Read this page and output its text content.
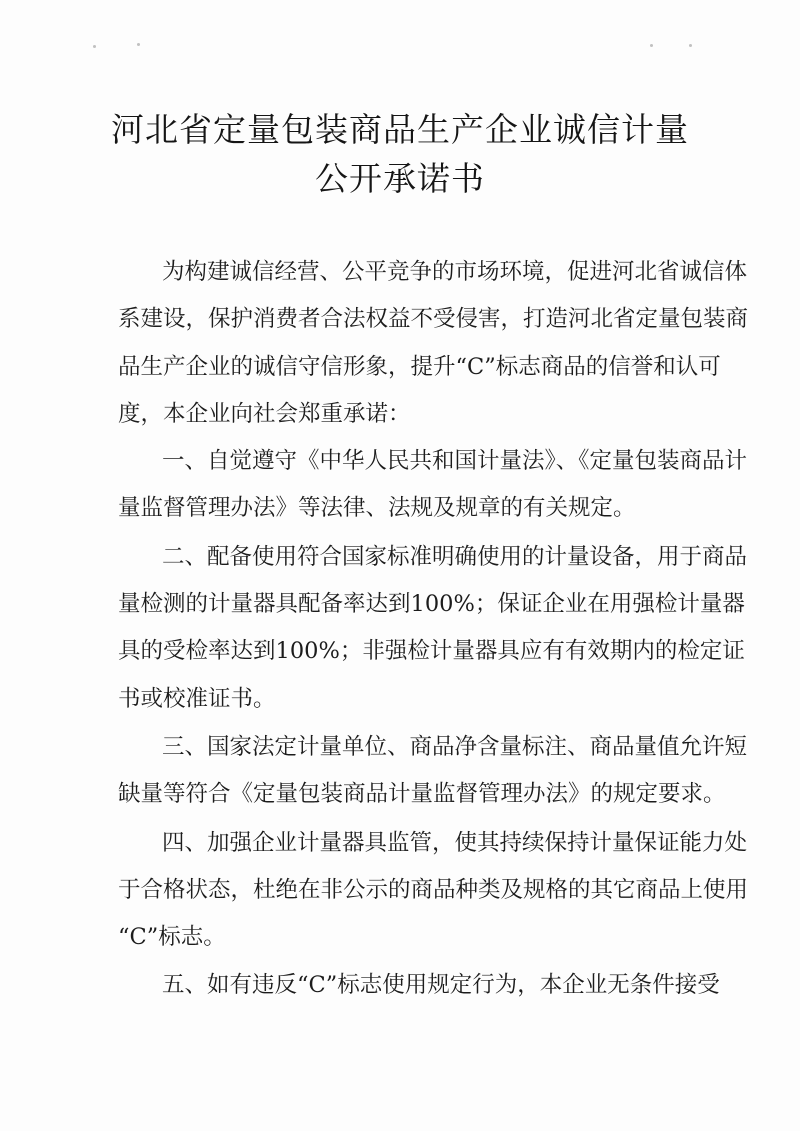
河北省定量包装商品生产企业诚信计量
公开承诺书
为构建诚信经营、公平竞争的市场环境，促进河北省诚信体
系建设，保护消费者合法权益不受侵害，打造河北省定量包装商
品生产企业的诚信守信形象，提升“C”标志商品的信誉和认可
度，本企业向社会郑重承诺：
一、自觉遵守《中华人民共和国计量法》、《定量包装商品计
量监督管理办法》等法律、法规及规章的有关规定。
二、配备使用符合国家标准明确使用的计量设备，用于商品
量检测的计量器具配备率达到100%；保证企业在用强检计量器
具的受检率达到100%；非强检计量器具应有有效期内的检定证
书或校准证书。
三、国家法定计量单位、商品净含量标注、商品量值允许短
缺量等符合《定量包装商品计量监督管理办法》的规定要求。
四、加强企业计量器具监管，使其持续保持计量保证能力处
于合格状态，杜绝在非公示的商品种类及规格的其它商品上使用
“C”标志。
五、如有违反“C”标志使用规定行为，本企业无条件接受
